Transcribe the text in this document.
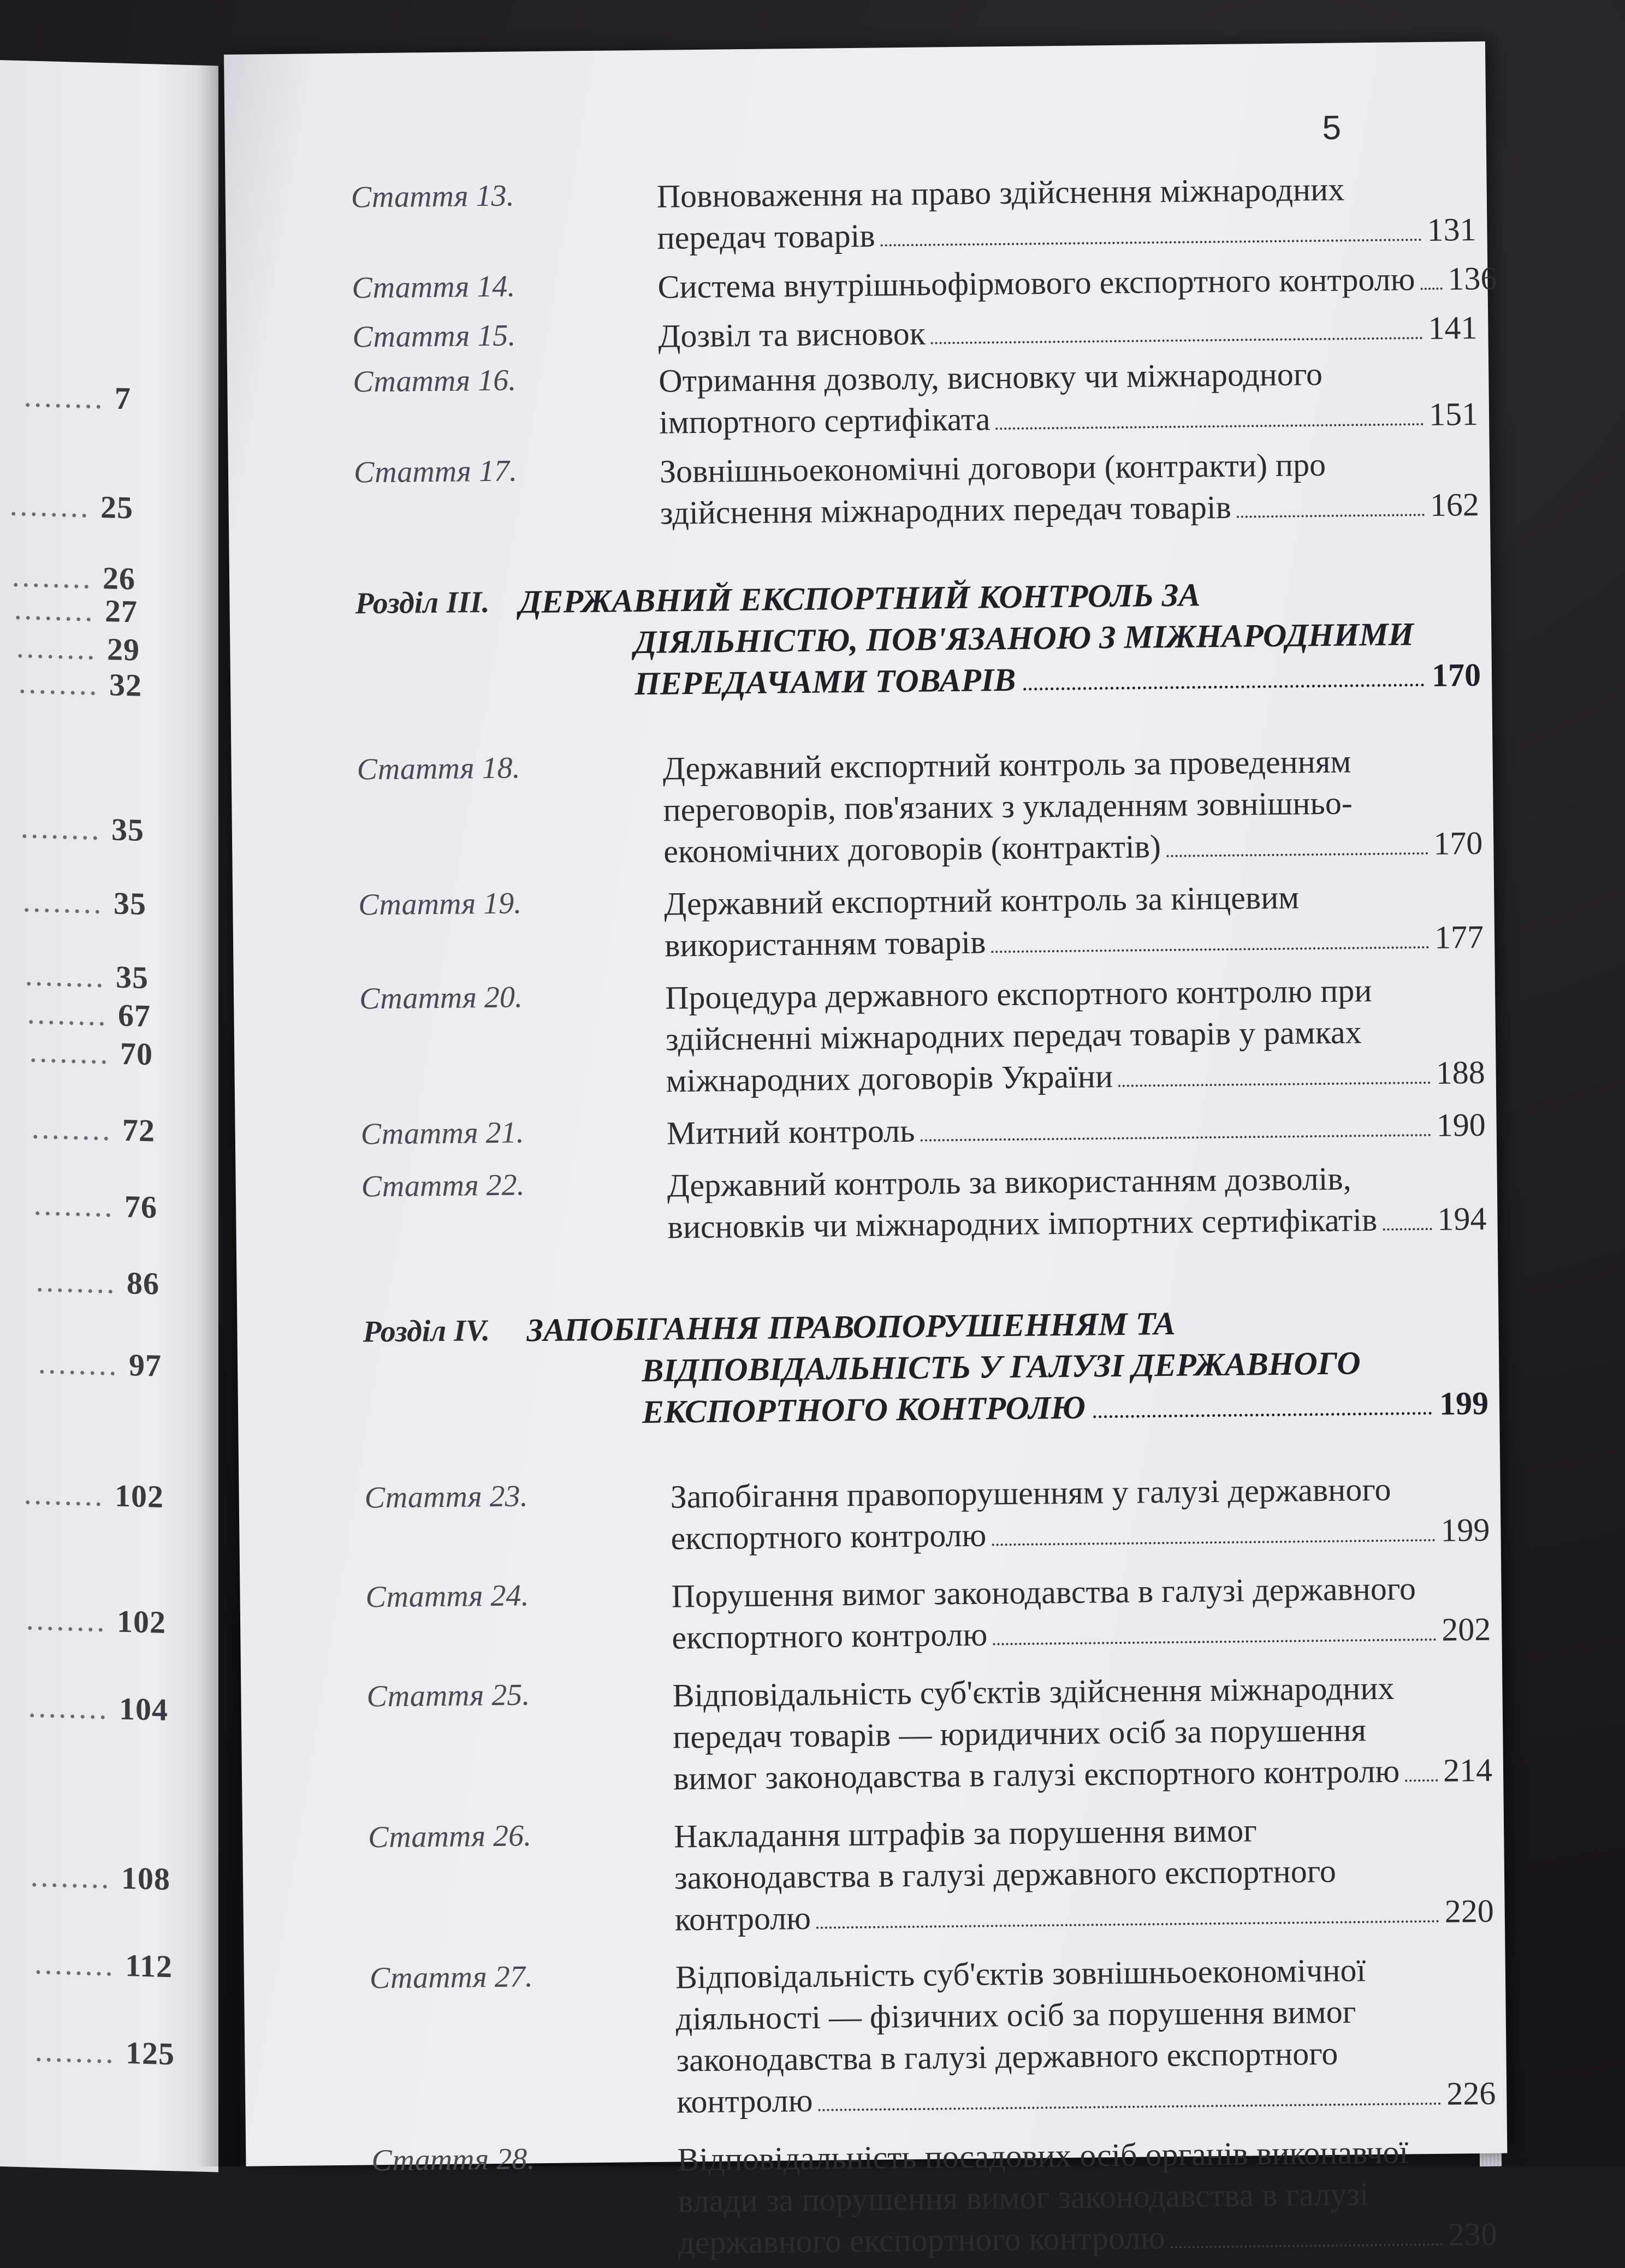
........ 7
........ 25
........ 26
........ 27
........ 29
........ 32
........ 35
........ 35
........ 35
........ 67
........ 70
........ 72
........ 76
........ 86
........ 97
........ 102
........ 102
........ 104
........ 108
........ 112
........ 125
5
Стаття 13.	Повноваження на право здійснення міжнародних
передач товарів	131
Стаття 14.	Система внутрішньофірмового експортного контролю 136
Стаття 15.	Дозвіл та висновок	141
Стаття 16.	Отримання дозволу, висновку чи міжнародного
імпортного сертифіката	151
Стаття 17.	Зовнішньоекономічні договори (контракти) про
здійснення міжнародних передач товарів	162
Розділ III. ДЕРЖАВНИЙ ЕКСПОРТНИЙ КОНТРОЛЬ ЗА
ДІЯЛЬНІСТЮ, ПОВ'ЯЗАНОЮ З МІЖНАРОДНИМИ
ПЕРЕДАЧАМИ ТОВАРІВ	170
Стаття 18.	Державний експортний контроль за проведенням
переговорів, пов'язаних з укладенням зовнішньо-
економічних договорів (контрактів)	170
Стаття 19.	Державний експортний контроль за кінцевим
використанням товарів	177
Стаття 20.	Процедура державного експортного контролю при
здійсненні міжнародних передач товарів у рамках
міжнародних договорів України	188
Стаття 21.	Митний контроль	190
Стаття 22.	Державний контроль за використанням дозволів,
висновків чи міжнародних імпортних сертифікатів 194
Розділ IV. ЗАПОБІГАННЯ ПРАВОПОРУШЕННЯМ ТА
ВІДПОВІДАЛЬНІСТЬ У ГАЛУЗІ ДЕРЖАВНОГО
ЕКСПОРТНОГО КОНТРОЛЮ	199
Стаття 23.	Запобігання правопорушенням у галузі державного
експортного контролю	199
Стаття 24.	Порушення вимог законодавства в галузі державного
експортного контролю	202
Стаття 25.	Відповідальність суб'єктів здійснення міжнародних
передач товарів — юридичних осіб за порушення
вимог законодавства в галузі експортного контролю 214
Стаття 26.	Накладання штрафів за порушення вимог
законодавства в галузі державного експортного
контролю	220
Стаття 27.	Відповідальність суб'єктів зовнішньоекономічної
діяльності — фізичних осіб за порушення вимог
законодавства в галузі державного експортного
контролю	226
Стаття 28.	Відповідальність посадових осіб органів виконавчої
влади за порушення вимог законодавства в галузі
державного експортного контролю	230
